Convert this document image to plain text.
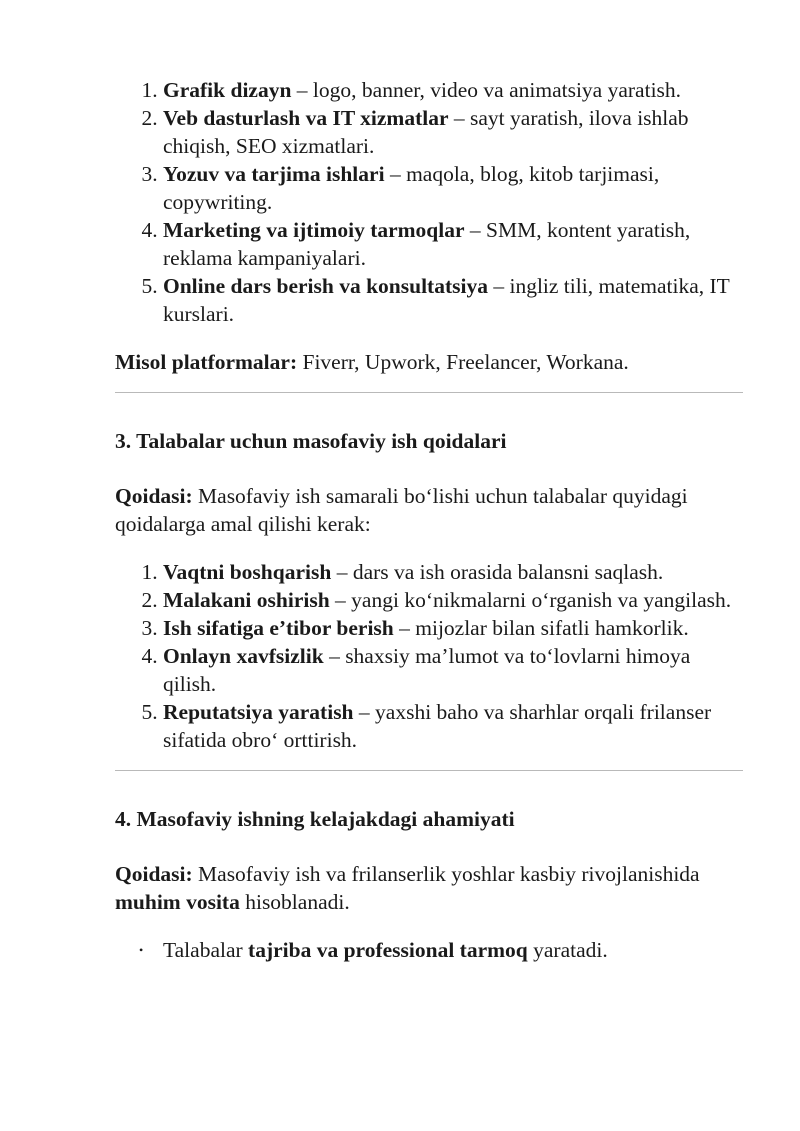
1. Grafik dizayn – logo, banner, video va animatsiya yaratish.
2. Veb dasturlash va IT xizmatlar – sayt yaratish, ilova ishlab chiqish, SEO xizmatlari.
3. Yozuv va tarjima ishlari – maqola, blog, kitob tarjimasi, copywriting.
4. Marketing va ijtimoiy tarmoqlar – SMM, kontent yaratish, reklama kampaniyalari.
5. Online dars berish va konsultatsiya – ingliz tili, matematika, IT kurslari.

Misol platformalar: Fiverr, Upwork, Freelancer, Workana.

3. Talabalar uchun masofaviy ish qoidalari

Qoidasi: Masofaviy ish samarali bo‘lishi uchun talabalar quyidagi qoidalarga amal qilishi kerak:

1. Vaqtni boshqarish – dars va ish orasida balansni saqlash.
2. Malakani oshirish – yangi ko‘nikmalarni o‘rganish va yangilash.
3. Ish sifatiga e’tibor berish – mijozlar bilan sifatli hamkorlik.
4. Onlayn xavfsizlik – shaxsiy ma’lumot va to‘lovlarni himoya qilish.
5. Reputatsiya yaratish – yaxshi baho va sharhlar orqali frilanser sifatida obro‘ orttirish.

4. Masofaviy ishning kelajakdagi ahamiyati

Qoidasi: Masofaviy ish va frilanserlik yoshlar kasbiy rivojlanishida muhim vosita hisoblanadi.

• Talabalar tajriba va professional tarmoq yaratadi.
